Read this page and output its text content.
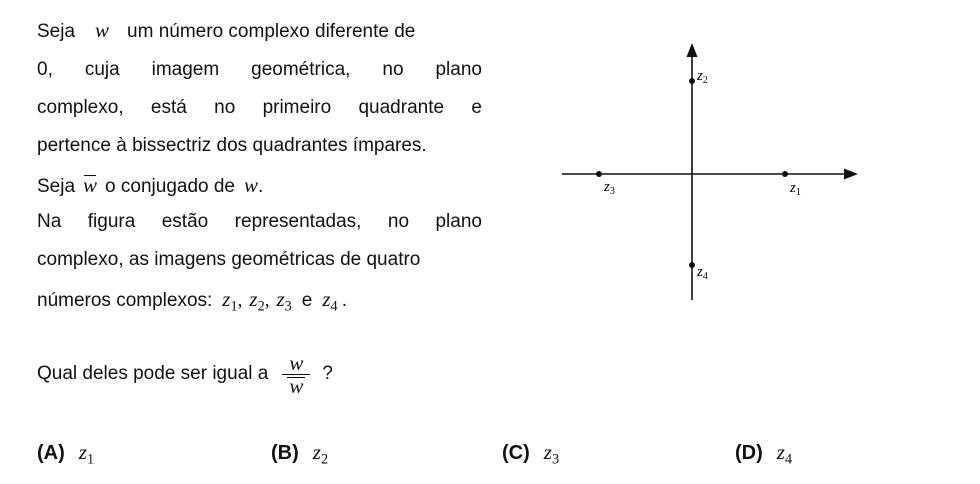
Seja w um número complexo diferente de
0, cuja imagem geométrica, no plano
complexo, está no primeiro quadrante e
pertence à bissectriz dos quadrantes ímpares.
Seja w o conjugado de w.
Na figura estão representadas, no plano
complexo, as imagens geométricas de quatro
números complexos: $z_1$, $z_2$, $z_3$ e $z_4$ .
$z_1$
$z_2$
$z_3$
$z_4$
Qual deles pode ser igual a $\frac{w}{w}$ ?
(A) $z_1$	(B) $z_2$	(C) $z_3$	(D) $z_4$
